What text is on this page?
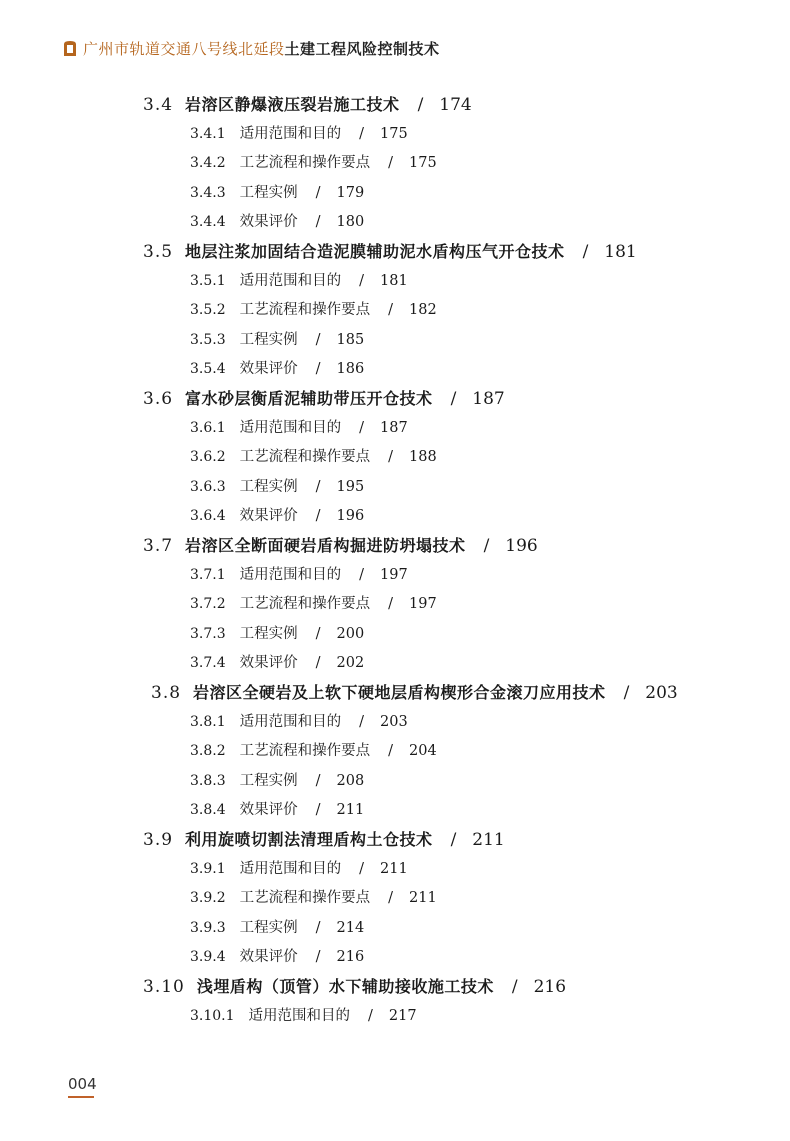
广州市轨道交通八号线北延段 土建工程风险控制技术
3.4 岩溶区静爆液压裂岩施工技术 / 174
3.4.1 适用范围和目的 / 175
3.4.2 工艺流程和操作要点 / 175
3.4.3 工程实例 / 179
3.4.4 效果评价 / 180
3.5 地层注浆加固结合造泥膜辅助泥水盾构压气开仓技术 / 181
3.5.1 适用范围和目的 / 181
3.5.2 工艺流程和操作要点 / 182
3.5.3 工程实例 / 185
3.5.4 效果评价 / 186
3.6 富水砂层衡盾泥辅助带压开仓技术 / 187
3.6.1 适用范围和目的 / 187
3.6.2 工艺流程和操作要点 / 188
3.6.3 工程实例 / 195
3.6.4 效果评价 / 196
3.7 岩溶区全断面硬岩盾构掘进防坍塌技术 / 196
3.7.1 适用范围和目的 / 197
3.7.2 工艺流程和操作要点 / 197
3.7.3 工程实例 / 200
3.7.4 效果评价 / 202
3.8 岩溶区全硬岩及上软下硬地层盾构楔形合金滚刀应用技术 / 203
3.8.1 适用范围和目的 / 203
3.8.2 工艺流程和操作要点 / 204
3.8.3 工程实例 / 208
3.8.4 效果评价 / 211
3.9 利用旋喷切割法清理盾构土仓技术 / 211
3.9.1 适用范围和目的 / 211
3.9.2 工艺流程和操作要点 / 211
3.9.3 工程实例 / 214
3.9.4 效果评价 / 216
3.10 浅埋盾构（顶管）水下辅助接收施工技术 / 216
3.10.1 适用范围和目的 / 217
004
